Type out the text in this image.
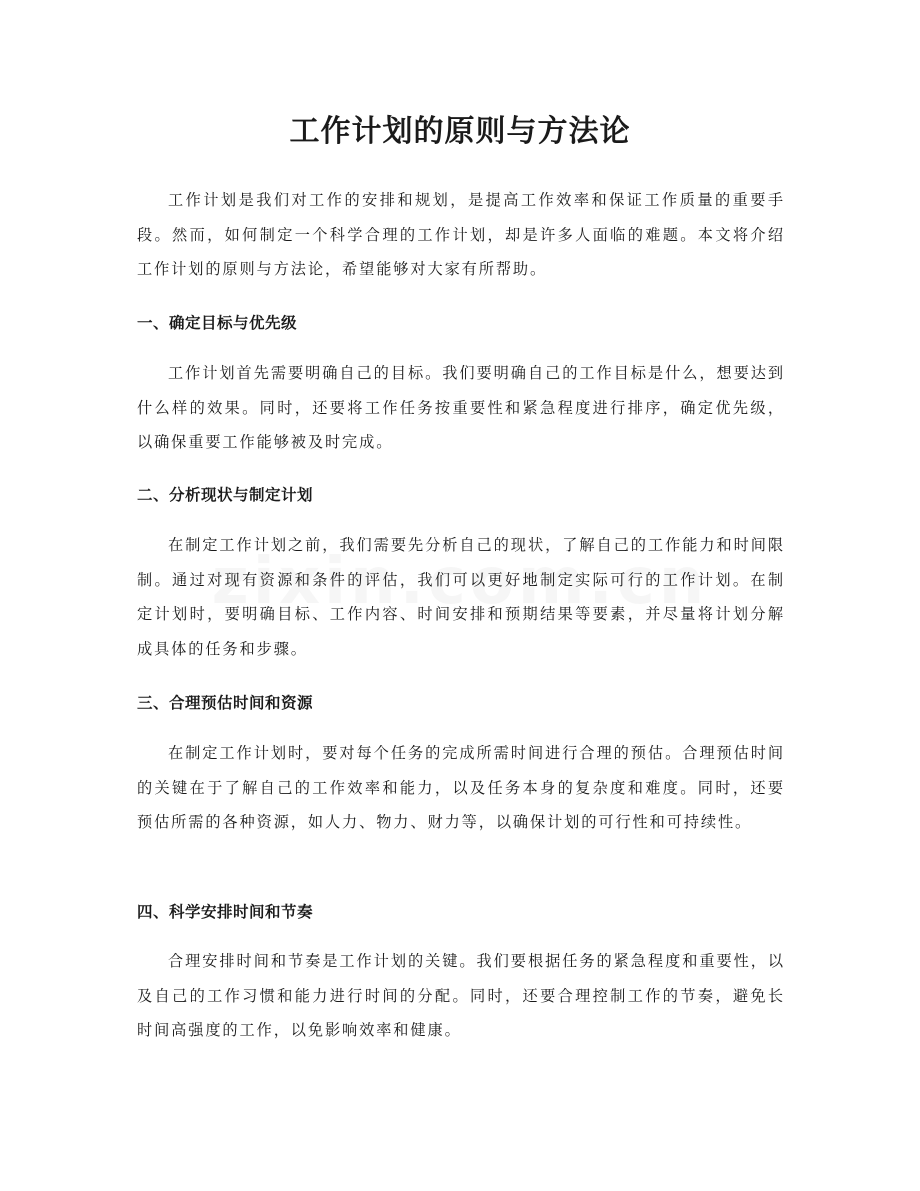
工作计划的原则与方法论

工作计划是我们对工作的安排和规划，是提高工作效率和保证工作质量的重要手段。然而，如何制定一个科学合理的工作计划，却是许多人面临的难题。本文将介绍工作计划的原则与方法论，希望能够对大家有所帮助。

一、确定目标与优先级

工作计划首先需要明确自己的目标。我们要明确自己的工作目标是什么，想要达到什么样的效果。同时，还要将工作任务按重要性和紧急程度进行排序，确定优先级，以确保重要工作能够被及时完成。

二、分析现状与制定计划

在制定工作计划之前，我们需要先分析自己的现状，了解自己的工作能力和时间限制。通过对现有资源和条件的评估，我们可以更好地制定实际可行的工作计划。在制定计划时，要明确目标、工作内容、时间安排和预期结果等要素，并尽量将计划分解成具体的任务和步骤。

三、合理预估时间和资源

在制定工作计划时，要对每个任务的完成所需时间进行合理的预估。合理预估时间的关键在于了解自己的工作效率和能力，以及任务本身的复杂度和难度。同时，还要预估所需的各种资源，如人力、物力、财力等，以确保计划的可行性和可持续性。

四、科学安排时间和节奏

合理安排时间和节奏是工作计划的关键。我们要根据任务的紧急程度和重要性，以及自己的工作习惯和能力进行时间的分配。同时，还要合理控制工作的节奏，避免长时间高强度的工作，以免影响效率和健康。
